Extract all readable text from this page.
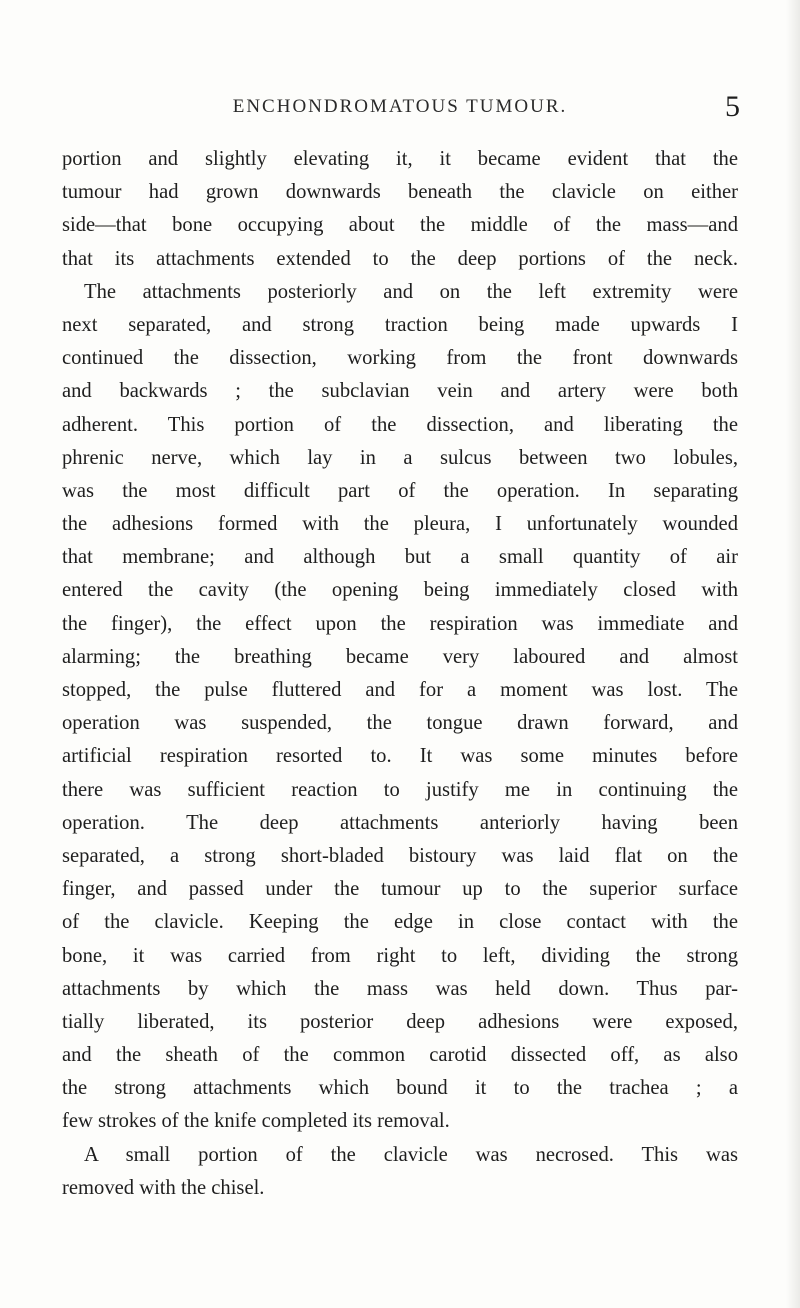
ENCHONDROMATOUS TUMOUR.	5
portion and slightly elevating it, it became evident that the
tumour had grown downwards beneath the clavicle on either
side—that bone occupying about the middle of the mass—and
that its attachments extended to the deep portions of the neck.
The attachments posteriorly and on the left extremity were
next separated, and strong traction being made upwards I
continued the dissection, working from the front downwards
and backwards ; the subclavian vein and artery were both
adherent. This portion of the dissection, and liberating the
phrenic nerve, which lay in a sulcus between two lobules,
was the most difficult part of the operation. In separating
the adhesions formed with the pleura, I unfortunately wounded
that membrane; and although but a small quantity of air
entered the cavity (the opening being immediately closed with
the finger), the effect upon the respiration was immediate and
alarming; the breathing became very laboured and almost
stopped, the pulse fluttered and for a moment was lost. The
operation was suspended, the tongue drawn forward, and
artificial respiration resorted to. It was some minutes before
there was sufficient reaction to justify me in continuing the
operation. The deep attachments anteriorly having been
separated, a strong short-bladed bistoury was laid flat on the
finger, and passed under the tumour up to the superior surface
of the clavicle. Keeping the edge in close contact with the
bone, it was carried from right to left, dividing the strong
attachments by which the mass was held down. Thus par-
tially liberated, its posterior deep adhesions were exposed,
and the sheath of the common carotid dissected off, as also
the strong attachments which bound it to the trachea ; a
few strokes of the knife completed its removal.
A small portion of the clavicle was necrosed. This was
removed with the chisel.
